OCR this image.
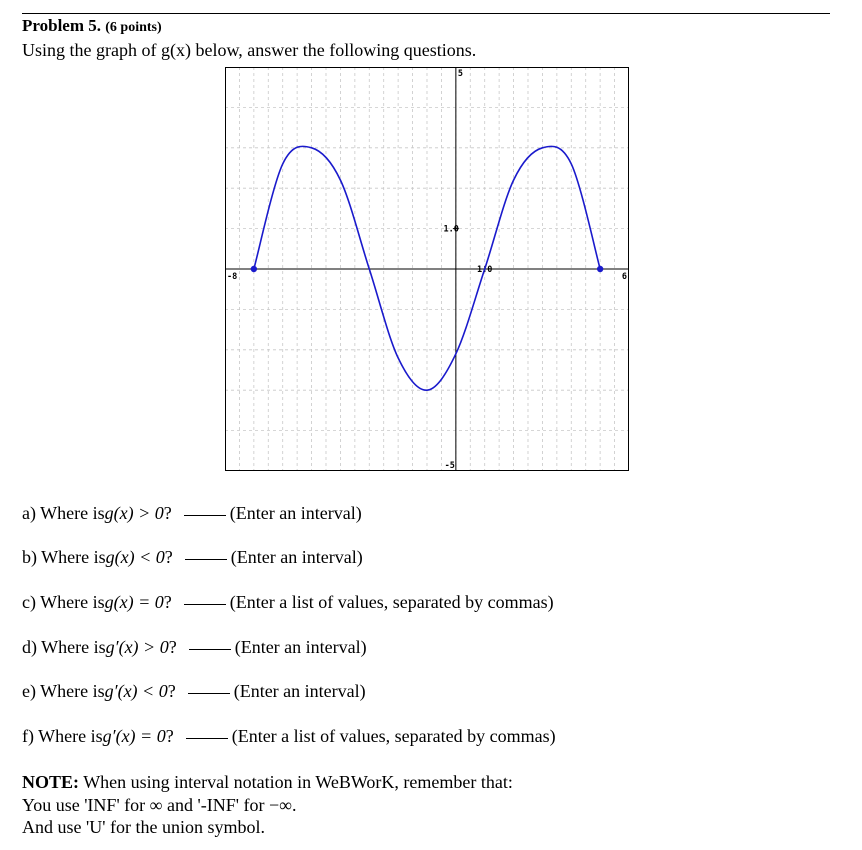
Problem 5. (6 points)
Using the graph of g(x) below, answer the following questions.
-8	6
5
-5
1.0
1.0
a) Where is g(x) > 0 ?	(Enter an interval)
b) Where is g(x) < 0 ?	(Enter an interval)
c) Where is g(x) = 0 ?	(Enter a list of values, separated by commas)
d) Where is g′(x) > 0 ?	(Enter an interval)
e) Where is g′(x) < 0 ?	(Enter an interval)
f) Where is g′(x) = 0 ?	(Enter a list of values, separated by commas)
NOTE: When using interval notation in WeBWorK, remember that:
You use 'INF' for ∞ and '-INF' for −∞.
And use 'U' for the union symbol.
